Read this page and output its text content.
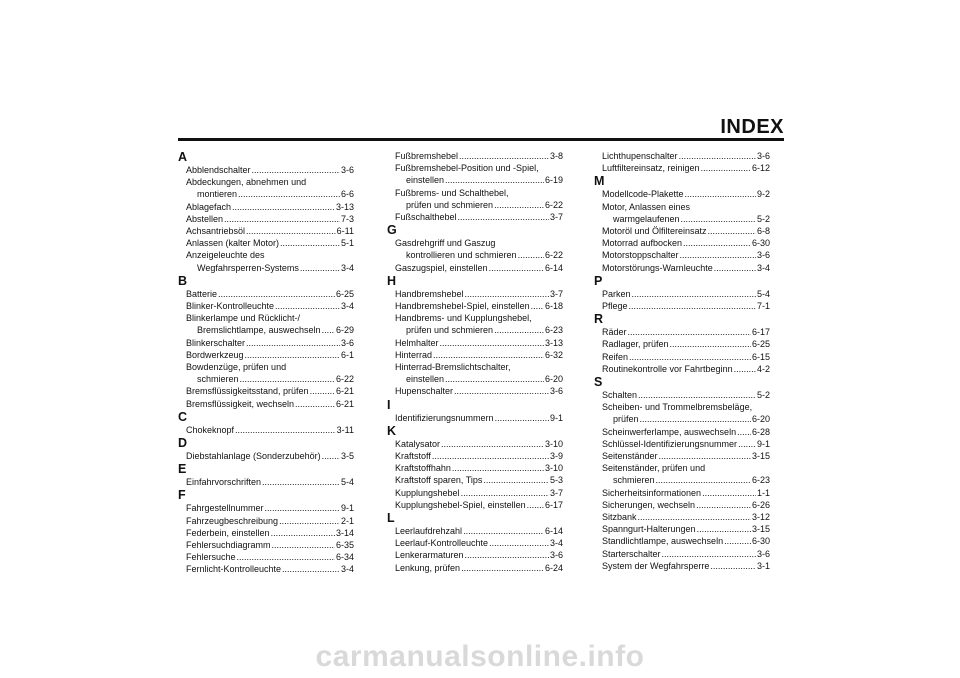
INDEX
A
Abblendschalter .....	3-6
Abdeckungen, abnehmen und
montieren .....	6-6
Ablagefach .....	3-13
Abstellen .....	7-3
Achsantriebsöl .....	6-11
Anlassen (kalter Motor) .....	5-1
Anzeigeleuchte des
Wegfahrsperren-Systems .....	3-4
B
Batterie .....	6-25
Blinker-Kontrolleuchte .....	3-4
Blinkerlampe und Rücklicht-/
Bremslichtlampe, auswechseln ..... 6-29
Blinkerschalter .....	3-6
Bordwerkzeug .....	6-1
Bowdenzüge, prüfen und
schmieren .....	6-22
Bremsflüssigkeitsstand, prüfen .....	6-21
Bremsflüssigkeit, wechseln .....	6-21
C
Chokeknopf .....	3-11
D
Diebstahlanlage (Sonderzubehör) ..... 3-5
E
Einfahrvorschriften .....	5-4
F
Fahrgestellnummer .....	9-1
Fahrzeugbeschreibung .....	2-1
Federbein, einstellen .....	3-14
Fehlersuchdiagramm .....	6-35
Fehlersuche .....	6-34
Fernlicht-Kontrolleuchte .....	3-4
Fußbremshebel .....	3-8
Fußbremshebel-Position und -Spiel,
einstellen .....	6-19
Fußbrems- und Schalthebel,
prüfen und schmieren .....	6-22
Fußschalthebel .....	3-7
G
Gasdrehgriff und Gaszug
kontrollieren und schmieren .....	6-22
Gaszugspiel, einstellen .....	6-14
H
Handbremshebel .....	3-7
Handbremshebel-Spiel, einstellen ..... 6-18
Handbrems- und Kupplungshebel,
prüfen und schmieren .....	6-23
Helmhalter .....	3-13
Hinterrad .....	6-32
Hinterrad-Bremslichtschalter,
einstellen .....	6-20
Hupenschalter .....	3-6
I
Identifizierungsnummern .....	9-1
K
Katalysator .....	3-10
Kraftstoff .....	3-9
Kraftstoffhahn .....	3-10
Kraftstoff sparen, Tips .....	5-3
Kupplungshebel .....	3-7
Kupplungshebel-Spiel, einstellen ..... 6-17
L
Leerlaufdrehzahl .....	6-14
Leerlauf-Kontrolleuchte .....	3-4
Lenkerarmaturen .....	3-6
Lenkung, prüfen .....	6-24
Lichthupenschalter .....	3-6
Luftfiltereinsatz, reinigen .....	6-12
M
Modellcode-Plakette .....	9-2
Motor, Anlassen eines
warmgelaufenen .....	5-2
Motoröl und Ölfiltereinsatz .....	6-8
Motorrad aufbocken .....	6-30
Motorstoppschalter .....	3-6
Motorstörungs-Warnleuchte .....	3-4
P
Parken .....	5-4
Pflege .....	7-1
R
Räder .....	6-17
Radlager, prüfen .....	6-25
Reifen .....	6-15
Routinekontrolle vor Fahrtbeginn .....	4-2
S
Schalten .....	5-2
Scheiben- und Trommelbremsbeläge,
prüfen .....	6-20
Scheinwerferlampe, auswechseln ..... 6-28
Schlüssel-Identifizierungsnummer ..... 9-1
Seitenständer .....	3-15
Seitenständer, prüfen und
schmieren .....	6-23
Sicherheitsinformationen .....	1-1
Sicherungen, wechseln .....	6-26
Sitzbank .....	3-12
Spanngurt-Halterungen .....	3-15
Standlichtlampe, auswechseln .....	6-30
Starterschalter .....	3-6
System der Wegfahrsperre .....	3-1
carmanualsonline.info
